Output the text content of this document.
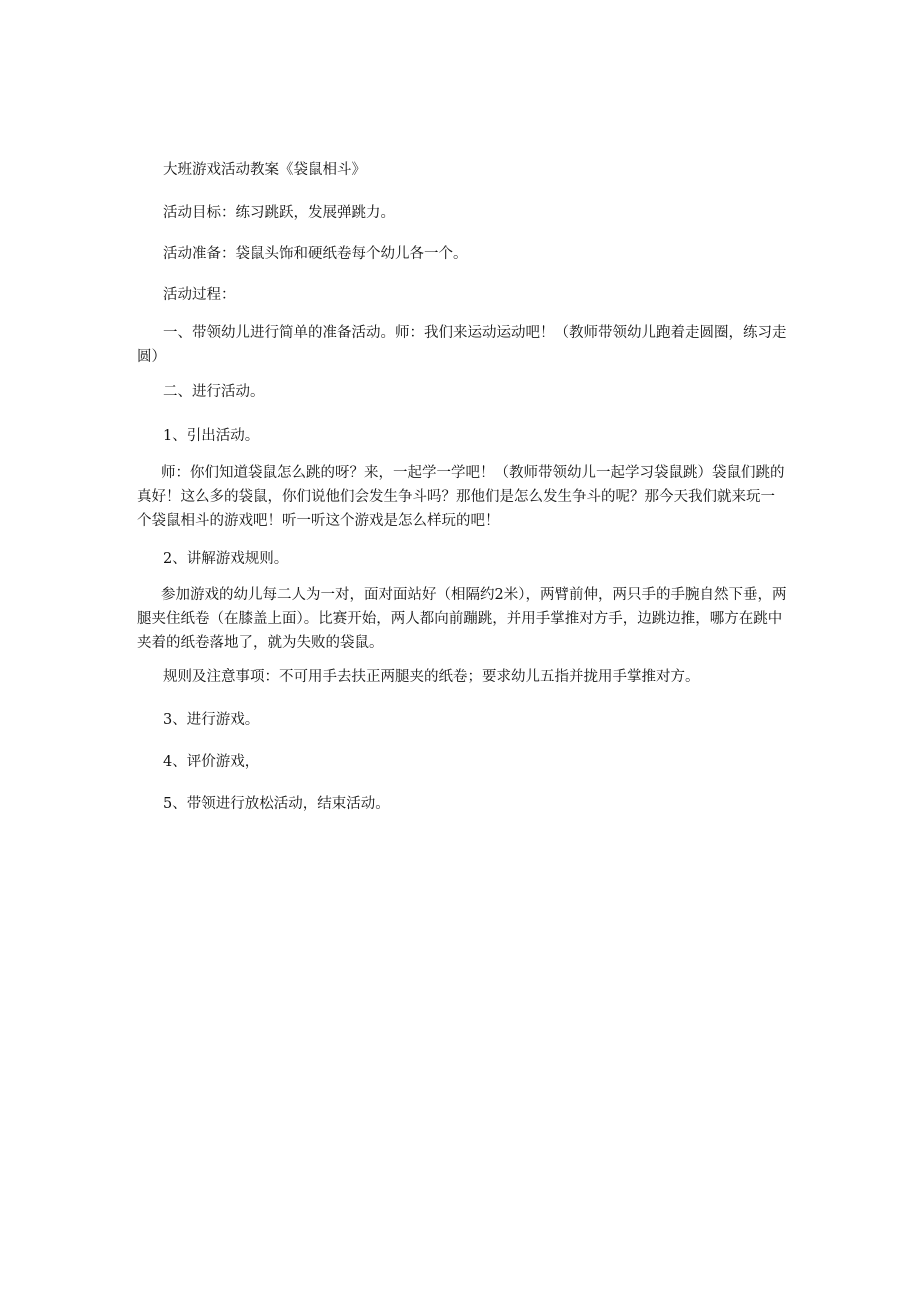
大班游戏活动教案《袋鼠相斗》

活动目标：练习跳跃，发展弹跳力。

活动准备：袋鼠头饰和硬纸卷每个幼儿各一个。

活动过程：

一、带领幼儿进行简单的准备活动。师：我们来运动运动吧！（教师带领幼儿跑着走圆圈，练习走圆）

二、进行活动。

1、引出活动。

师：你们知道袋鼠怎么跳的呀？来，一起学一学吧！（教师带领幼儿一起学习袋鼠跳）袋鼠们跳的真好！这么多的袋鼠，你们说他们会发生争斗吗？那他们是怎么发生争斗的呢？那今天我们就来玩一个袋鼠相斗的游戏吧！听一听这个游戏是怎么样玩的吧！

2、讲解游戏规则。

参加游戏的幼儿每二人为一对，面对面站好（相隔约2米），两臂前伸，两只手的手腕自然下垂，两腿夹住纸卷（在膝盖上面）。比赛开始，两人都向前蹦跳，并用手掌推对方手，边跳边推，哪方在跳中夹着的纸卷落地了，就为失败的袋鼠。

规则及注意事项：不可用手去扶正两腿夹的纸卷；要求幼儿五指并拢用手掌推对方。

3、进行游戏。

4、评价游戏，

5、带领进行放松活动，结束活动。
